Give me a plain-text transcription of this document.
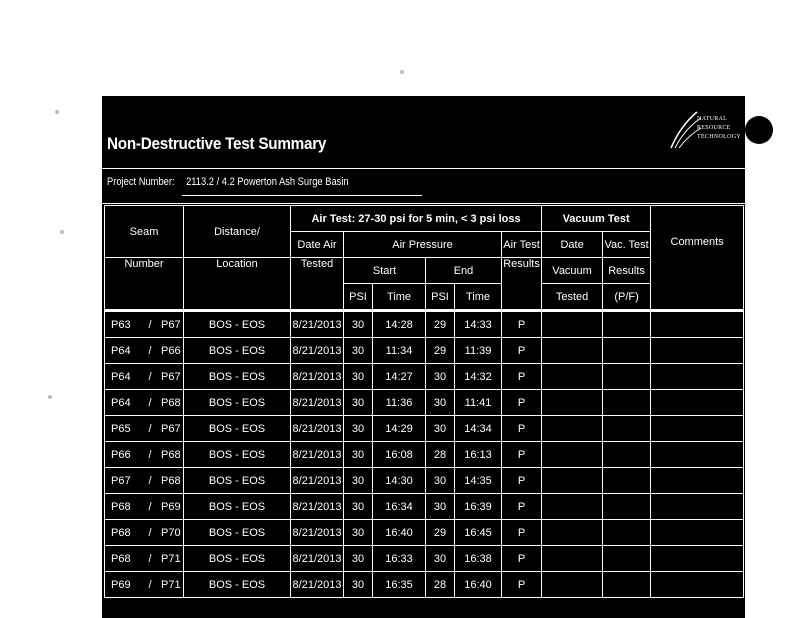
Non-Destructive Test Summary
NATURAL
RESOURCE
TECHNOLOGY
Project Number: 2113.2 / 4.2 Powerton Ash Surge Basin
Seam	Distance/	Air Test: 27-30 psi for 5 min, < 3 psi loss						Vacuum Test		Comments
		Date Air	Air Pressure				Air Test	Date	Vac. Test	
Number	Location	Tested	Start		End		Results	Vacuum	Results	
			PSI	Time	PSI	Time		Tested	(P/F)	
P63 / P67	BOS - EOS	8/21/2013	30	14:28	29	14:33	P			
P64 / P66	BOS - EOS	8/21/2013	30	11:34	29	11:39	P			
P64 / P67	BOS - EOS	8/21/2013	30	14:27	30	14:32	P			
P64 / P68	BOS - EOS	8/21/2013	30	11:36	30	11:41	P			
P65 / P67	BOS - EOS	8/21/2013	30	14:29	30	14:34	P			
P66 / P68	BOS - EOS	8/21/2013	30	16:08	28	16:13	P			
P67 / P68	BOS - EOS	8/21/2013	30	14:30	30	14:35	P			
P68 / P69	BOS - EOS	8/21/2013	30	16:34	30	16:39	P			
P68 / P70	BOS - EOS	8/21/2013	30	16:40	29	16:45	P			
P68 / P71	BOS - EOS	8/21/2013	30	16:33	30	16:38	P			
P69 / P71	BOS - EOS	8/21/2013	30	16:35	28	16:40	P			
